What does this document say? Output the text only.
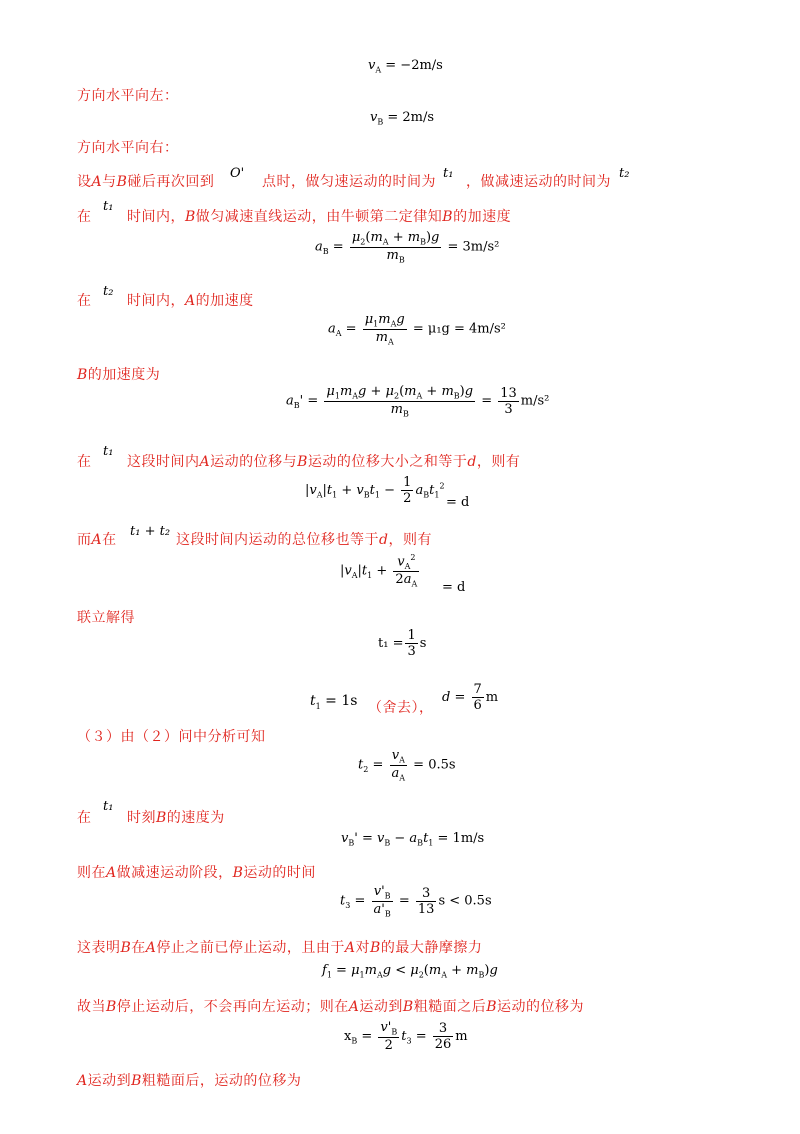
$v_A = -2m/s$
方向水平向左：
$v_B = 2m/s$
方向水平向右：
设A与B碰后再次回到
O'
点时，做匀速运动的时间为
t₁
，做减速运动的时间为
t₂
在
t₁
时间内，B做匀减速直线运动，由牛顿第二定律知B的加速度
$a_B = \frac{\mu_2(m_A + m_B)g}{m_B} = 3m/s^2$
在
t₂
时间内，A的加速度
$a_A = \frac{\mu_1m_Ag}{m_A} = \mu_1g = 4m/s^2$
B的加速度为
$a_B' = \frac{\mu_1m_Ag + \mu_2(m_A + m_B)g}{m_B} = \frac{13}{3} m/s^2$
在
t₁
这段时间内A运动的位移与B运动的位移大小之和等于d，则有
$|v_A|t_1 + v_Bt_1 - \frac{1}{2} a_Bt_1^2$
= d
而A在
t₁ + t₂
这段时间内运动的总位移也等于d，则有
$|v_A|t_1 + \frac{v_A^2}{2a_A} = d$
联立解得
$t_1 = \frac{1}{3}$ s
$t_1 = 1s$ （舍去），
$d = \frac{7}{6}$ m
（３）由（２）问中分析可知
$t_2 = \frac{v_A}{a_A} = 0.5s$
在
t₁
时刻B的速度为
$v_B' = v_B - a_Bt_1 = 1m/s$
则在A做减速运动阶段，B运动的时间
$t_3 = \frac{v'_B}{a'_B} = \frac{3}{13}$ s < 0.5s
这表明B在A停止之前已停止运动，且由于A对B的最大静摩擦力
$f_1 = \mu_1m_Ag < \mu_2(m_A + m_B)g$
故当B停止运动后，不会再向左运动；则在A运动到B粗糙面之后B运动的位移为
$x_B = \frac{v'_B}{2} t_3 = \frac{3}{26}$ m
A运动到B粗糙面后，运动的位移为
